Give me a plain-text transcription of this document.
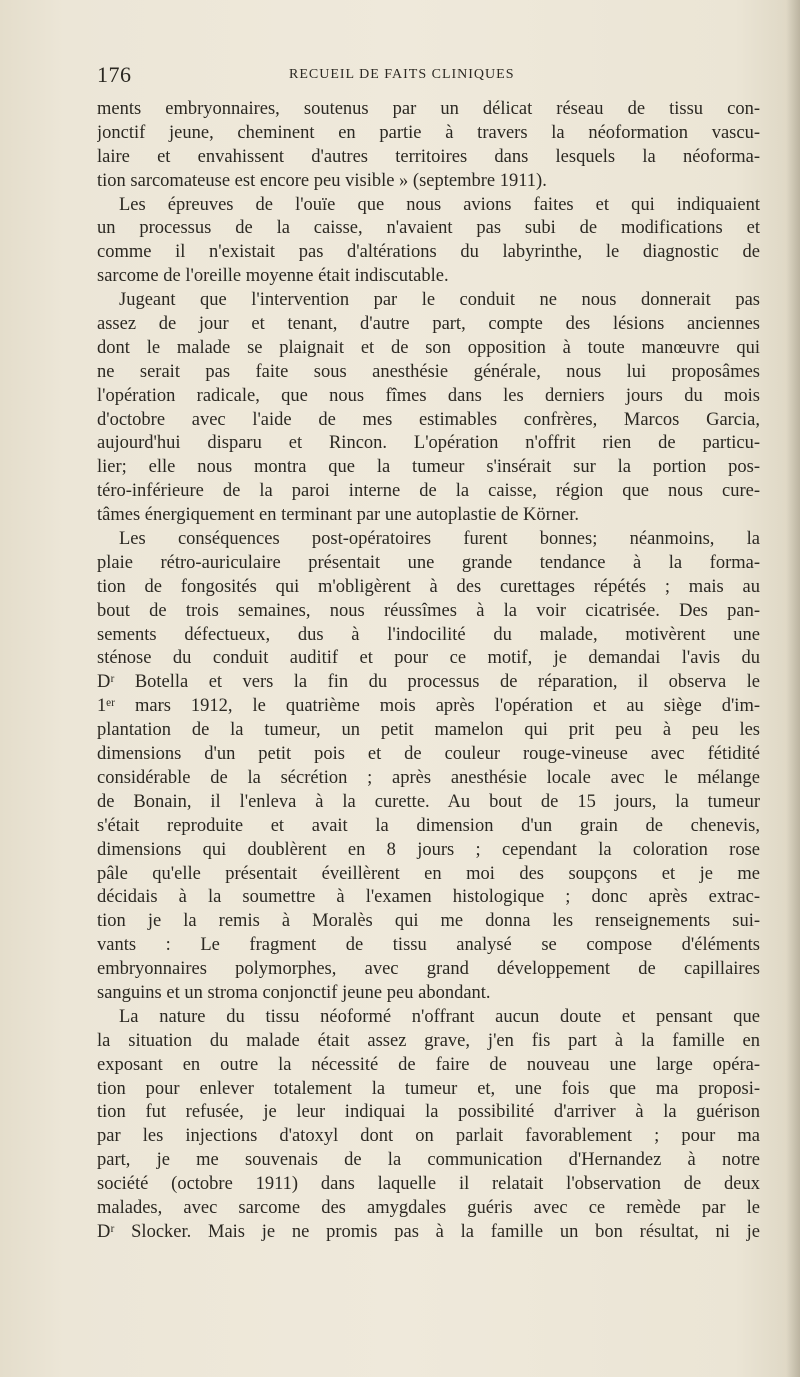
176	RECUEIL DE FAITS CLINIQUES
ments embryonnaires, soutenus par un délicat réseau de tissu con-
jonctif jeune, cheminent en partie à travers la néoformation vascu-
laire et envahissent d'autres territoires dans lesquels la néoforma-
tion sarcomateuse est encore peu visible » (septembre 1911).
Les épreuves de l'ouïe que nous avions faites et qui indiquaient
un processus de la caisse, n'avaient pas subi de modifications et
comme il n'existait pas d'altérations du labyrinthe, le diagnostic de
sarcome de l'oreille moyenne était indiscutable.
Jugeant que l'intervention par le conduit ne nous donnerait pas
assez de jour et tenant, d'autre part, compte des lésions anciennes
dont le malade se plaignait et de son opposition à toute manœuvre qui
ne serait pas faite sous anesthésie générale, nous lui proposâmes
l'opération radicale, que nous fîmes dans les derniers jours du mois
d'octobre avec l'aide de mes estimables confrères, Marcos Garcia,
aujourd'hui disparu et Rincon. L'opération n'offrit rien de particu-
lier; elle nous montra que la tumeur s'insérait sur la portion pos-
téro-inférieure de la paroi interne de la caisse, région que nous cure-
tâmes énergiquement en terminant par une autoplastie de Körner.
Les conséquences post-opératoires furent bonnes; néanmoins, la
plaie rétro-auriculaire présentait une grande tendance à la forma-
tion de fongosités qui m'obligèrent à des curettages répétés ; mais au
bout de trois semaines, nous réussîmes à la voir cicatrisée. Des pan-
sements défectueux, dus à l'indocilité du malade, motivèrent une
sténose du conduit auditif et pour ce motif, je demandai l'avis du
Dʳ Botella et vers la fin du processus de réparation, il observa le
1ᵉʳ mars 1912, le quatrième mois après l'opération et au siège d'im-
plantation de la tumeur, un petit mamelon qui prit peu à peu les
dimensions d'un petit pois et de couleur rouge-vineuse avec fétidité
considérable de la sécrétion ; après anesthésie locale avec le mélange
de Bonain, il l'enleva à la curette. Au bout de 15 jours, la tumeur
s'était reproduite et avait la dimension d'un grain de chenevis,
dimensions qui doublèrent en 8 jours ; cependant la coloration rose
pâle qu'elle présentait éveillèrent en moi des soupçons et je me
décidais à la soumettre à l'examen histologique ; donc après extrac-
tion je la remis à Moralès qui me donna les renseignements sui-
vants : Le fragment de tissu analysé se compose d'éléments
embryonnaires polymorphes, avec grand développement de capillaires
sanguins et un stroma conjonctif jeune peu abondant.
La nature du tissu néoformé n'offrant aucun doute et pensant que
la situation du malade était assez grave, j'en fis part à la famille en
exposant en outre la nécessité de faire de nouveau une large opéra-
tion pour enlever totalement la tumeur et, une fois que ma proposi-
tion fut refusée, je leur indiquai la possibilité d'arriver à la guérison
par les injections d'atoxyl dont on parlait favorablement ; pour ma
part, je me souvenais de la communication d'Hernandez à notre
société (octobre 1911) dans laquelle il relatait l'observation de deux
malades, avec sarcome des amygdales guéris avec ce remède par le
Dʳ Slocker. Mais je ne promis pas à la famille un bon résultat, ni je
